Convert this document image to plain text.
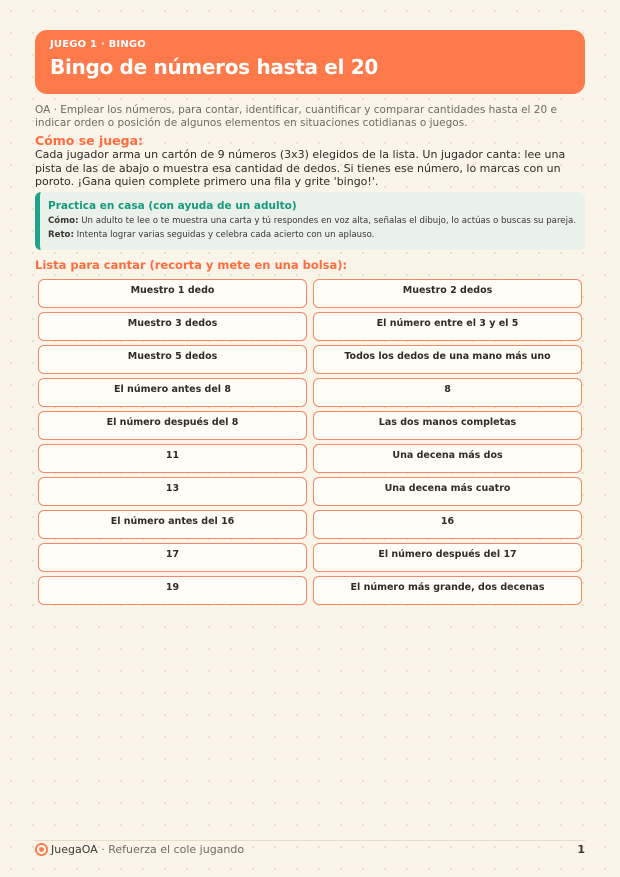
JUEGO 1 · BINGO
Bingo de números hasta el 20
OA · Emplear los números, para contar, identificar, cuantificar y comparar cantidades hasta el 20 e indicar orden o posición de algunos elementos en situaciones cotidianas o juegos.
Cómo se juega:
Cada jugador arma un cartón de 9 números (3x3) elegidos de la lista. Un jugador canta: lee una pista de las de abajo o muestra esa cantidad de dedos. Si tienes ese número, lo marcas con un poroto. ¡Gana quien complete primero una fila y grite 'bingo!'.
Practica en casa (con ayuda de un adulto)
Cómo: Un adulto te lee o te muestra una carta y tú respondes en voz alta, señalas el dibujo, lo actúas o buscas su pareja.
Reto: Intenta lograr varias seguidas y celebra cada acierto con un aplauso.
Lista para cantar (recorta y mete en una bolsa):
Muestro 1 dedo	Muestro 2 dedos
Muestro 3 dedos	El número entre el 3 y el 5
Muestro 5 dedos	Todos los dedos de una mano más uno
El número antes del 8	8
El número después del 8	Las dos manos completas
11	Una decena más dos
13	Una decena más cuatro
El número antes del 16	16
17	El número después del 17
19	El número más grande, dos decenas
JuegaOA · Refuerza el cole jugando	1
